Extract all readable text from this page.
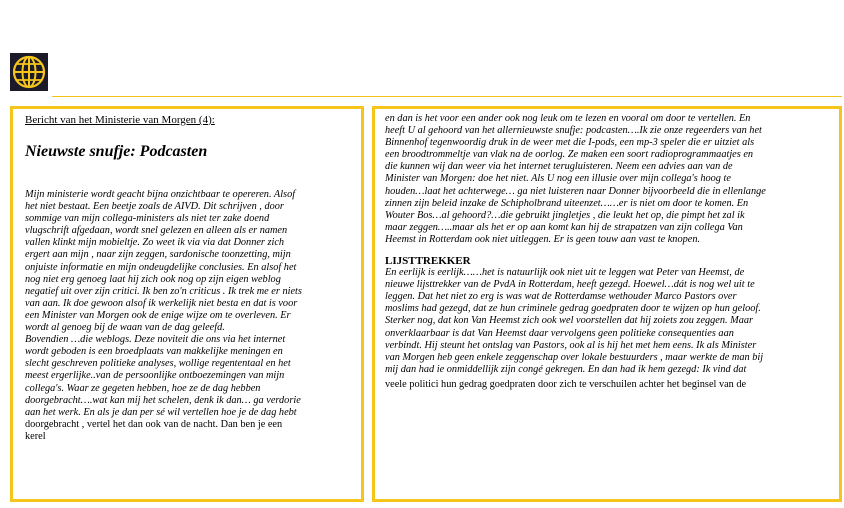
Bericht van het Ministerie van Morgen (4):
Nieuwste snufje: Podcasten
Mijn ministerie wordt geacht bijna onzichtbaar te opereren. Alsof
het niet bestaat. Een beetje zoals de AIVD. Dit schrijven , door
sommige van mijn collega-ministers als niet ter zake doend
vlugschrift afgedaan, wordt snel gelezen en alleen als er namen
vallen klinkt mijn mobieltje. Zo weet ik via via dat Donner zich
ergert aan mijn , naar zijn zeggen, sardonische toonzetting, mijn
onjuiste informatie en mijn ondeugdelijke conclusies. En alsof het
nog niet erg genoeg laat hij zich ook nog op zijn eigen weblog
negatief uit over zijn critici. Ik ben zo'n criticus . Ik trek me er niets
van aan. Ik doe gewoon alsof ik werkelijk niet besta en dat is voor
een Minister van Morgen ook de enige wijze om te overleven. Er
wordt al genoeg bij de waan van de dag geleefd.
Bovendien …die weblogs. Deze noviteit die ons via het internet
wordt geboden is een broedplaats van makkelijke meningen en
slecht geschreven politieke analyses, wollige regententaal en het
meest ergerlijke..van de persoonlijke ontboezemingen van mijn
collega's. Waar ze gegeten hebben, hoe ze de dag hebben
doorgebracht….wat kan mij het schelen, denk ik dan… ga verdorie
aan het werk. En als je dan per sé wil vertellen hoe je de dag hebt
doorgebracht , vertel het dan ook van de nacht. Dan ben je een
kerel
en dan is het voor een ander ook nog leuk om te lezen en vooral om door te vertellen. En
heeft U al gehoord van het allernieuwste snufje: podcasten….Ik zie onze regeerders van het
Binnenhof tegenwoordig druk in de weer met die I-pods, een mp-3 speler die er uitziet als
een broodtrommeltje van vlak na de oorlog. Ze maken een soort radioprogrammaatjes en
die kunnen wij dan weer via het internet terugluisteren. Neem een advies aan van de
Minister van Morgen: doe het niet. Als U nog een illusie over mijn collega's hoog te
houden…laat het achterwege… ga niet luisteren naar Donner bijvoorbeeld die in ellenlange
zinnen zijn beleid inzake de Schipholbrand uiteenzet……er is niet om door te komen. En
Wouter Bos…al gehoord?…die gebruikt jingletjes , die leukt het op, die pimpt het zal ik
maar zeggen…..maar als het er op aan komt kan hij de strapatzen van zijn collega Van
Heemst in Rotterdam ook niet uitleggen. Er is geen touw aan vast te knopen.
LIJSTTREKKER
En eerlijk is eerlijk……het is natuurlijk ook niet uit te leggen wat Peter van Heemst, de
nieuwe lijsttrekker van de PvdA in Rotterdam, heeft gezegd. Hoewel…dát is nog wel uit te
leggen. Dat het niet zo erg is was wat de Rotterdamse wethouder Marco Pastors over
moslims had gezegd, dat ze hun criminele gedrag goedpraten door te wijzen op hun geloof.
Sterker nog, dat kon Van Heemst zich ook wel voorstellen dat hij zoiets zou zeggen. Maar
onverklaarbaar is dat Van Heemst daar vervolgens geen politieke consequenties aan
verbindt. Hij steunt het ontslag van Pastors, ook al is hij het met hem eens. Ik als Minister
van Morgen heb geen enkele zeggenschap over lokale bestuurders , maar werkte de man bij
mij dan had ie onmiddellijk zijn congé gekregen. En dan had ik hem gezegd: Ik vind dat
veele politici hun gedrag goedpraten door zich te verschuilen achter het beginsel van de
